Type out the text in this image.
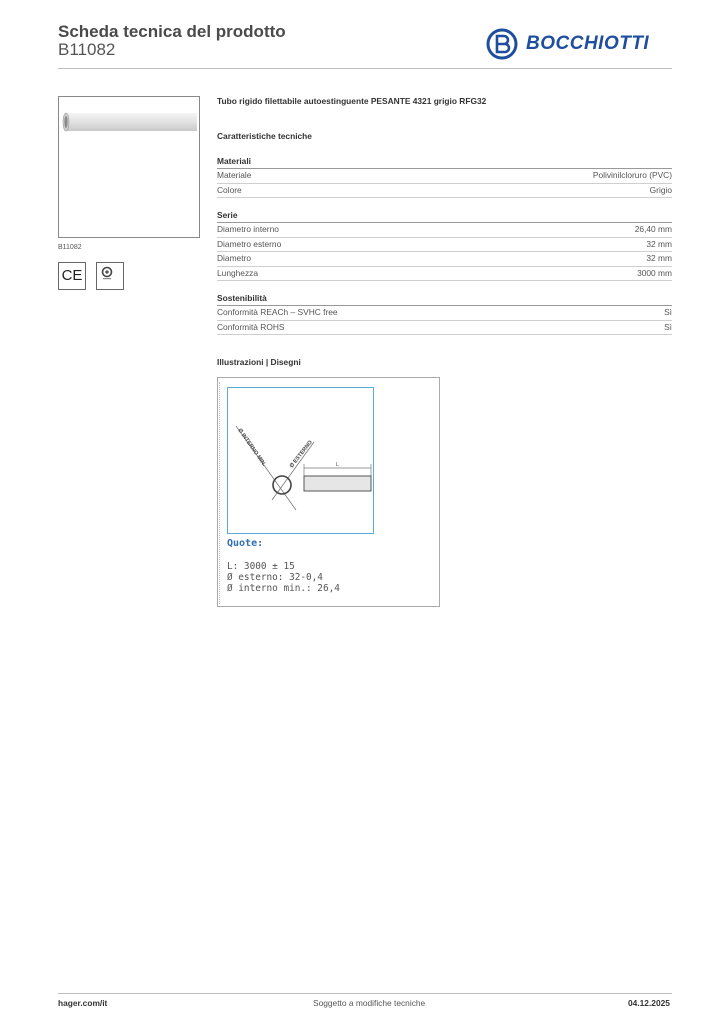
Scheda tecnica del prodotto
B11082	BOCCHIOTTI
B11082
CE
Tubo rigido filettabile autoestinguente PESANTE 4321 grigio RFG32
Caratteristiche tecniche
Materiali
Materiale	Polivinilcloruro (PVC)
Colore	Grigio
Serie
Diametro interno	26,40 mm
Diametro esterno	32 mm
Diametro	32 mm
Lunghezza	3000 mm
Sostenibilità
Conformità REACh – SVHC free	Sì
Conformità ROHS	Sì
Illustrazioni | Disegni
Ø INTERNO MIN.	Ø ESTERNO	L
Quote:
L: 3000 ± 15
Ø esterno: 32-0,4
Ø interno min.: 26,4
hager.com/it	Soggetto a modifiche tecniche	04.12.2025
